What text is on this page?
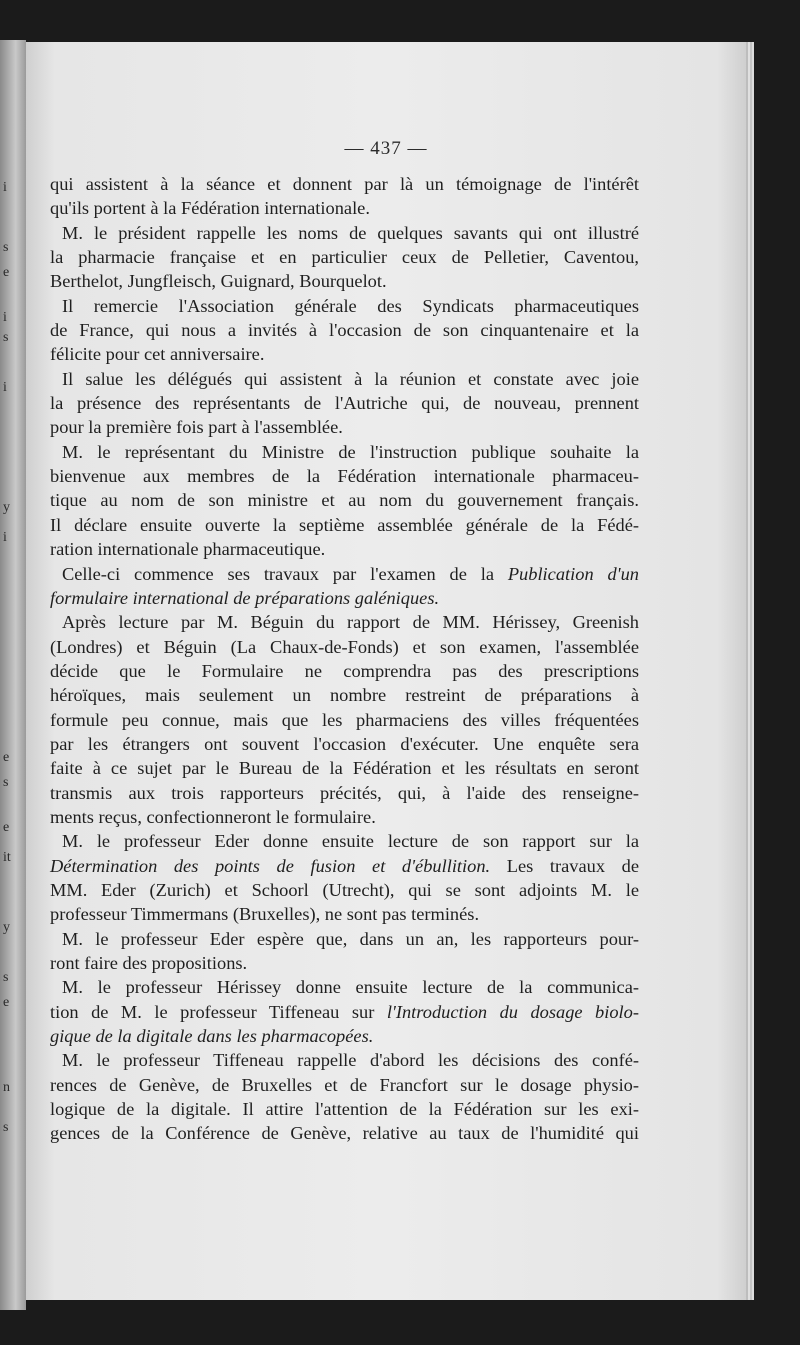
i
s
e
i
s
i
y
i
e
s
e
it
y
s
e
n
s
— 437 —
qui assistent à la séance et donnent par là un témoignage de l'intérêt
qu'ils portent à la Fédération internationale.
M. le président rappelle les noms de quelques savants qui ont illustré
la pharmacie française et en particulier ceux de Pelletier, Caventou,
Berthelot, Jungfleisch, Guignard, Bourquelot.
Il remercie l'Association générale des Syndicats pharmaceutiques
de France, qui nous a invités à l'occasion de son cinquantenaire et la
félicite pour cet anniversaire.
Il salue les délégués qui assistent à la réunion et constate avec joie
la présence des représentants de l'Autriche qui, de nouveau, prennent
pour la première fois part à l'assemblée.
M. le représentant du Ministre de l'instruction publique souhaite la
bienvenue aux membres de la Fédération internationale pharmaceu-
tique au nom de son ministre et au nom du gouvernement français.
Il déclare ensuite ouverte la septième assemblée générale de la Fédé-
ration internationale pharmaceutique.
Celle-ci commence ses travaux par l'examen de la Publication d'un
formulaire international de préparations galéniques.
Après lecture par M. Béguin du rapport de MM. Hérissey, Greenish
(Londres) et Béguin (La Chaux-de-Fonds) et son examen, l'assemblée
décide que le Formulaire ne comprendra pas des prescriptions
héroïques, mais seulement un nombre restreint de préparations à
formule peu connue, mais que les pharmaciens des villes fréquentées
par les étrangers ont souvent l'occasion d'exécuter. Une enquête sera
faite à ce sujet par le Bureau de la Fédération et les résultats en seront
transmis aux trois rapporteurs précités, qui, à l'aide des renseigne-
ments reçus, confectionneront le formulaire.
M. le professeur Eder donne ensuite lecture de son rapport sur la
Détermination des points de fusion et d'ébullition. Les travaux de
MM. Eder (Zurich) et Schoorl (Utrecht), qui se sont adjoints M. le
professeur Timmermans (Bruxelles), ne sont pas terminés.
M. le professeur Eder espère que, dans un an, les rapporteurs pour-
ront faire des propositions.
M. le professeur Hérissey donne ensuite lecture de la communica-
tion de M. le professeur Tiffeneau sur l'Introduction du dosage biolo-
gique de la digitale dans les pharmacopées.
M. le professeur Tiffeneau rappelle d'abord les décisions des confé-
rences de Genève, de Bruxelles et de Francfort sur le dosage physio-
logique de la digitale. Il attire l'attention de la Fédération sur les exi-
gences de la Conférence de Genève, relative au taux de l'humidité qui
